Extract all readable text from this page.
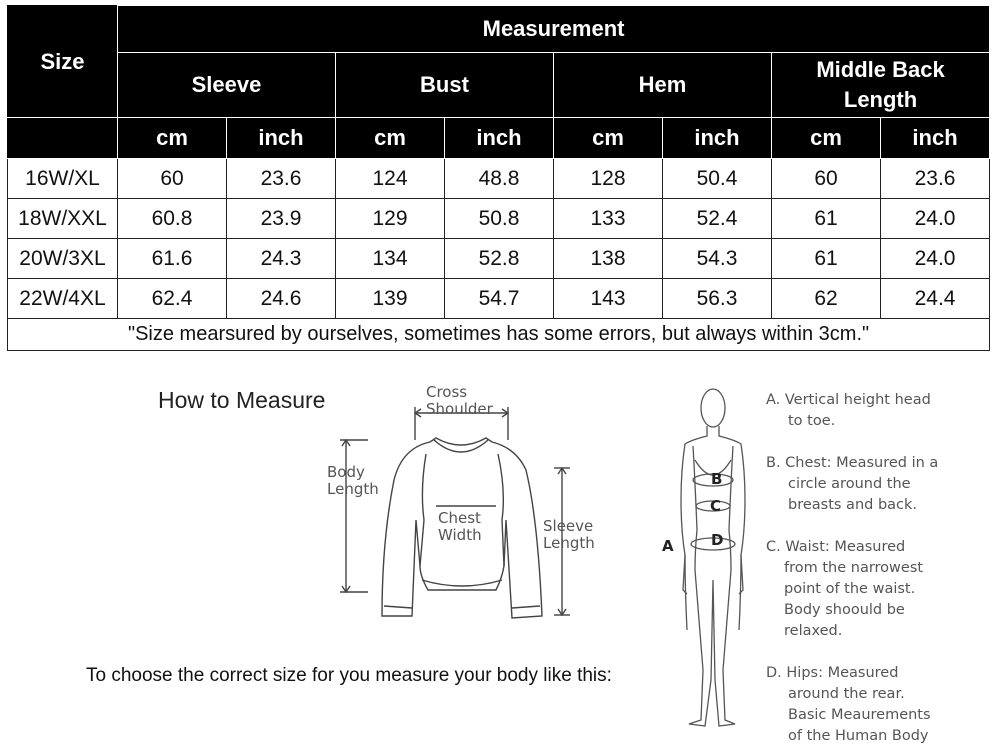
Size	Measurement							
	Sleeve		Bust		Hem		Middle Back
Length	
	cm	inch	cm	inch	cm	inch	cm	inch
16W/XL	60	23.6	124	48.8	128	50.4	60	23.6
18W/XXL	60.8	23.9	129	50.8	133	52.4	61	24.0
20W/3XL	61.6	24.3	134	52.8	138	54.3	61	24.0
22W/4XL	62.4	24.6	139	54.7	143	56.3	62	24.4
"Size mearsured by ourselves, sometimes has some errors, but always within 3cm."								
How to Measure
To choose the correct size for you measure your body like this:
Cross
Shoulder
Body
Length
Chest
Width	Sleeve
Length	A
B
C
D
A. Vertical height head
to toe.
B. Chest: Measured in a
circle around the
breasts and back.
C. Waist: Measured
from the narrowest
point of the waist.
Body shoould be
relaxed.
D. Hips: Measured
around the rear.
Basic Meaurements
of the Human Body
